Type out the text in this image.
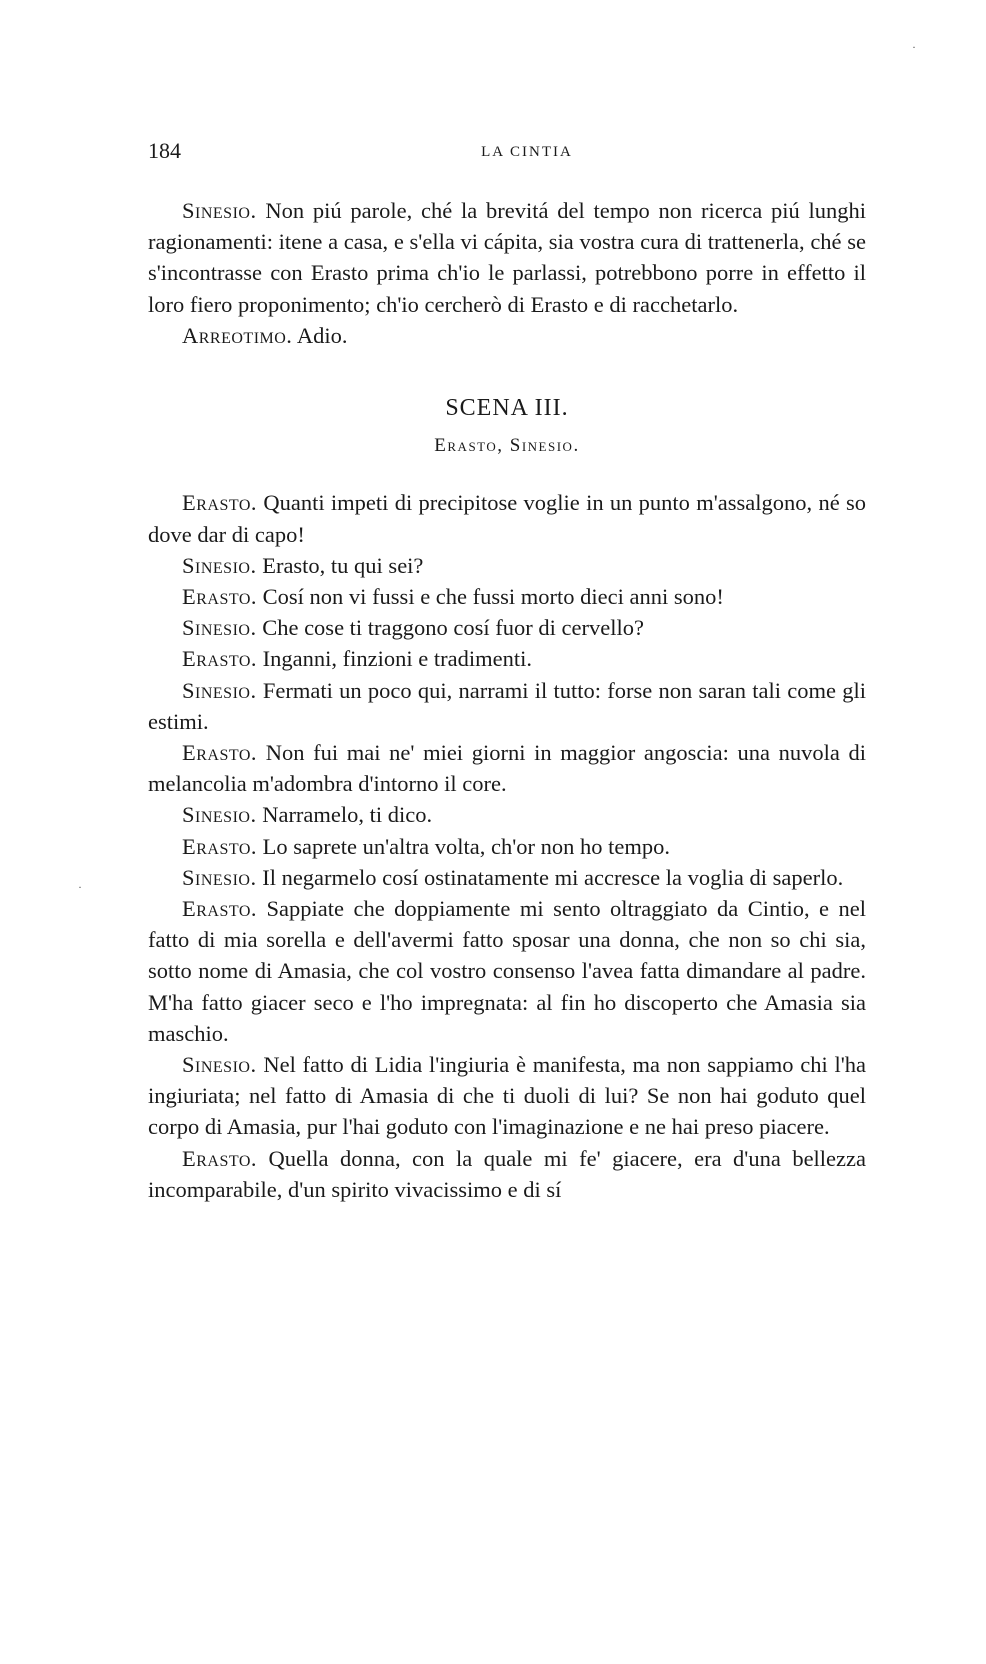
184	LA CINTIA

Sinesio. Non piú parole, ché la brevitá del tempo non ricerca piú lunghi ragionamenti: itene a casa, e s'ella vi cápita, sia vostra cura di trattenerla, ché se s'incontrasse con Erasto prima ch'io le parlassi, potrebbono porre in effetto il loro fiero proponimento; ch'io cercherò di Erasto e di racchetarlo.

Arreotimo. Adio.

SCENA III.
Erasto, Sinesio.

Erasto. Quanti impeti di precipitose voglie in un punto m'assalgono, né so dove dar di capo!

Sinesio. Erasto, tu qui sei?

Erasto. Cosí non vi fussi e che fussi morto dieci anni sono!

Sinesio. Che cose ti traggono cosí fuor di cervello?

Erasto. Inganni, finzioni e tradimenti.

Sinesio. Fermati un poco qui, narrami il tutto: forse non saran tali come gli estimi.

Erasto. Non fui mai ne' miei giorni in maggior angoscia: una nuvola di melancolia m'adombra d'intorno il core.

Sinesio. Narramelo, ti dico.

Erasto. Lo saprete un'altra volta, ch'or non ho tempo.

Sinesio. Il negarmelo cosí ostinatamente mi accresce la voglia di saperlo.

Erasto. Sappiate che doppiamente mi sento oltraggiato da Cintio, e nel fatto di mia sorella e dell'avermi fatto sposar una donna, che non so chi sia, sotto nome di Amasia, che col vostro consenso l'avea fatta dimandare al padre. M'ha fatto giacer seco e l'ho impregnata: al fin ho discoperto che Amasia sia maschio.

Sinesio. Nel fatto di Lidia l'ingiuria è manifesta, ma non sappiamo chi l'ha ingiuriata; nel fatto di Amasia di che ti duoli di lui? Se non hai goduto quel corpo di Amasia, pur l'hai goduto con l'imaginazione e ne hai preso piacere.

Erasto. Quella donna, con la quale mi fe' giacere, era d'una bellezza incomparabile, d'un spirito vivacissimo e di sí

·
·
